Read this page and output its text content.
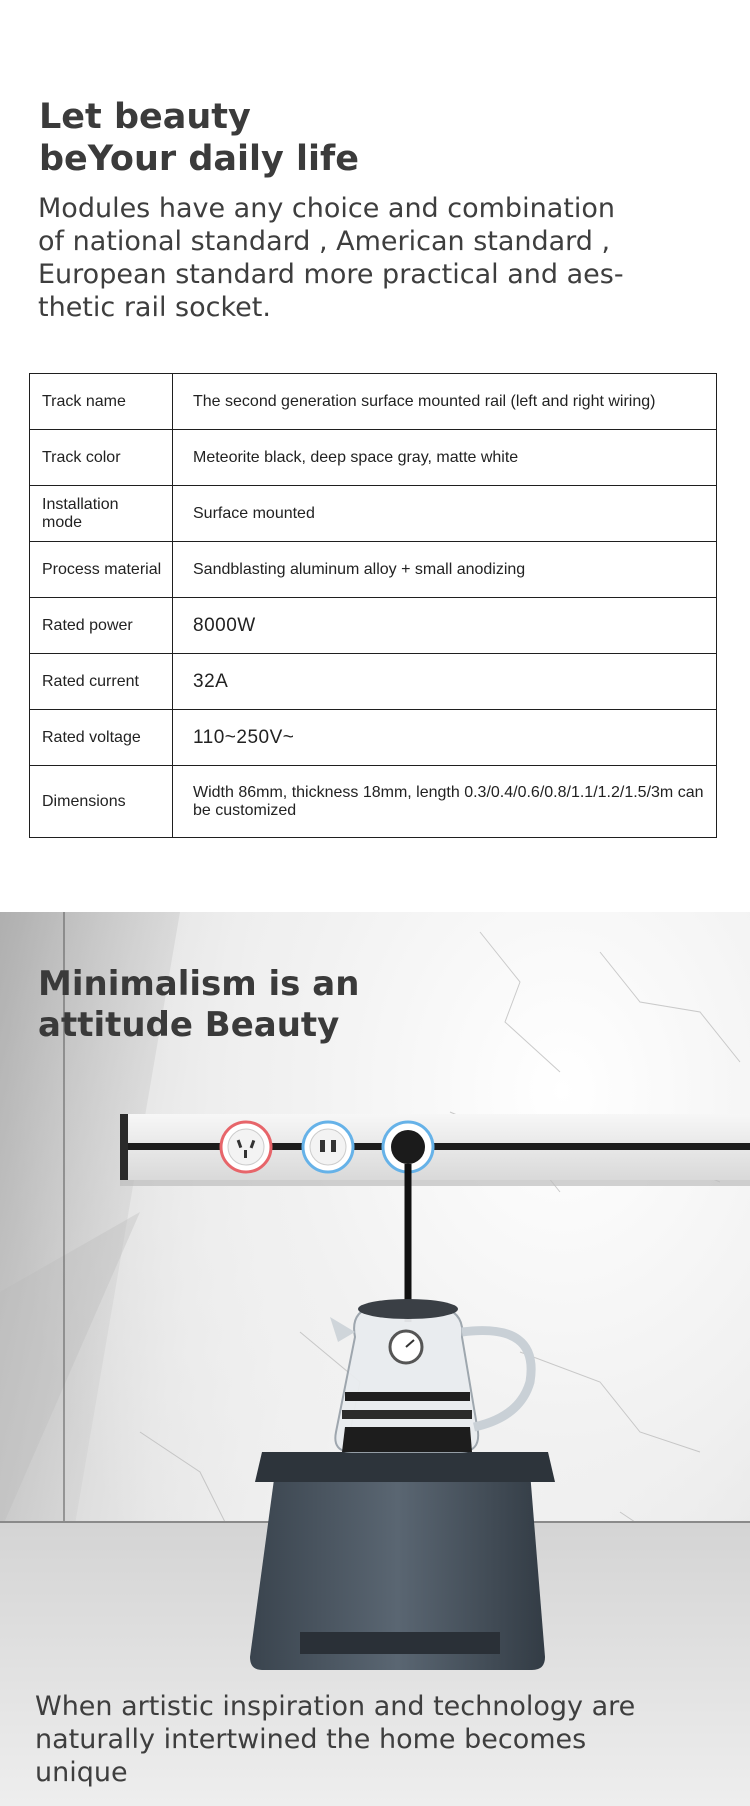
Let beauty
beYour daily life

Modules have any choice and combination of national standard , American standard , European standard more practical and aes-thetic rail socket.

Track name	The second generation surface mounted rail (left and right wiring)
Track color	Meteorite black, deep space gray, matte white
Installation mode	Surface mounted
Process material	Sandblasting aluminum alloy + small anodizing
Rated power	8000W
Rated current	32A
Rated voltage	110~250V~
Dimensions	Width 86mm, thickness 18mm, length 0.3/0.4/0.6/0.8/1.1/1.2/1.5/3m can be customized
Minimalism is an
attitude Beauty

When artistic inspiration and technology are naturally intertwined the home becomes unique
